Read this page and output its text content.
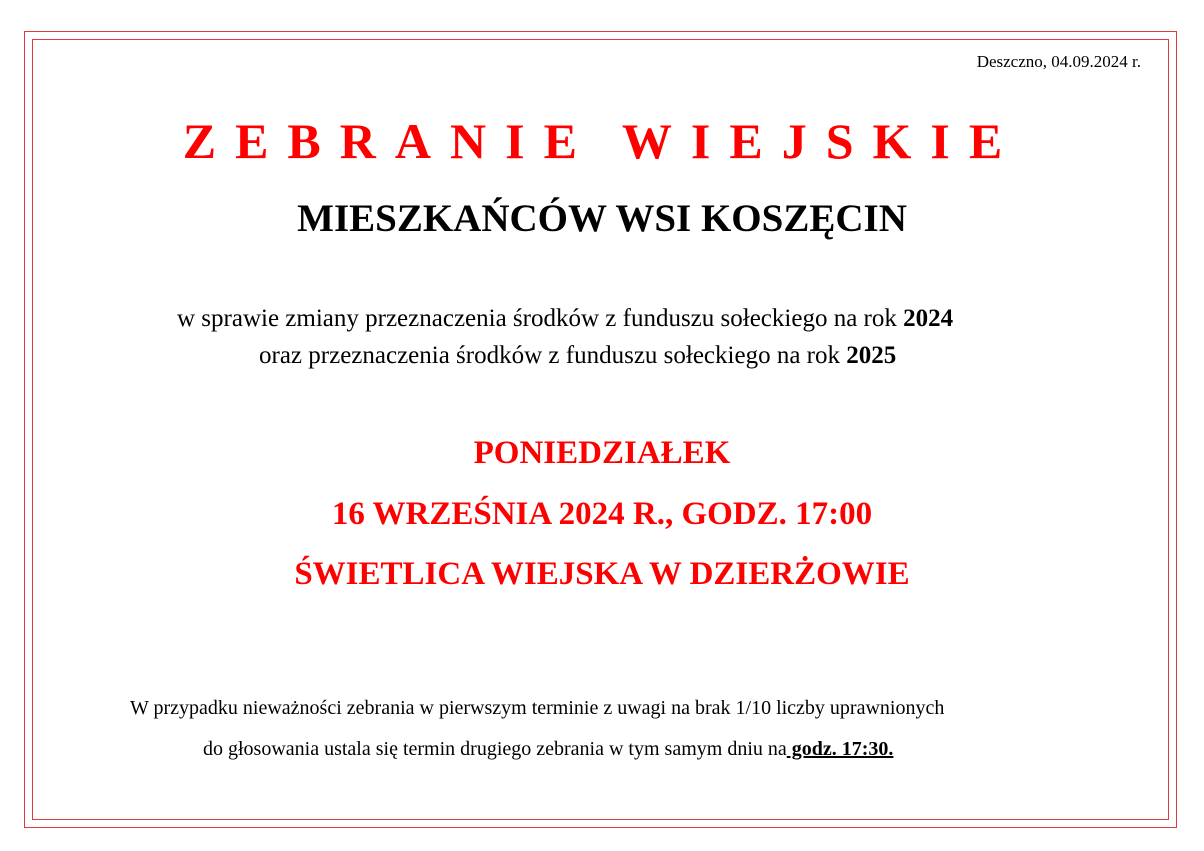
Deszczno, 04.09.2024 r.
ZEBRANIE WIEJSKIE
MIESZKAŃCÓW WSI KOSZĘCIN
w sprawie zmiany przeznaczenia środków z funduszu sołeckiego na rok 2024
oraz przeznaczenia środków z funduszu sołeckiego na rok 2025
PONIEDZIAŁEK
16 WRZEŚNIA 2024 R., GODZ. 17:00
ŚWIETLICA WIEJSKA W DZIERŻOWIE
W przypadku nieważności zebrania w pierwszym terminie z uwagi na brak 1/10 liczby uprawnionych
do głosowania ustala się termin drugiego zebrania w tym samym dniu na godz. 17:30.
